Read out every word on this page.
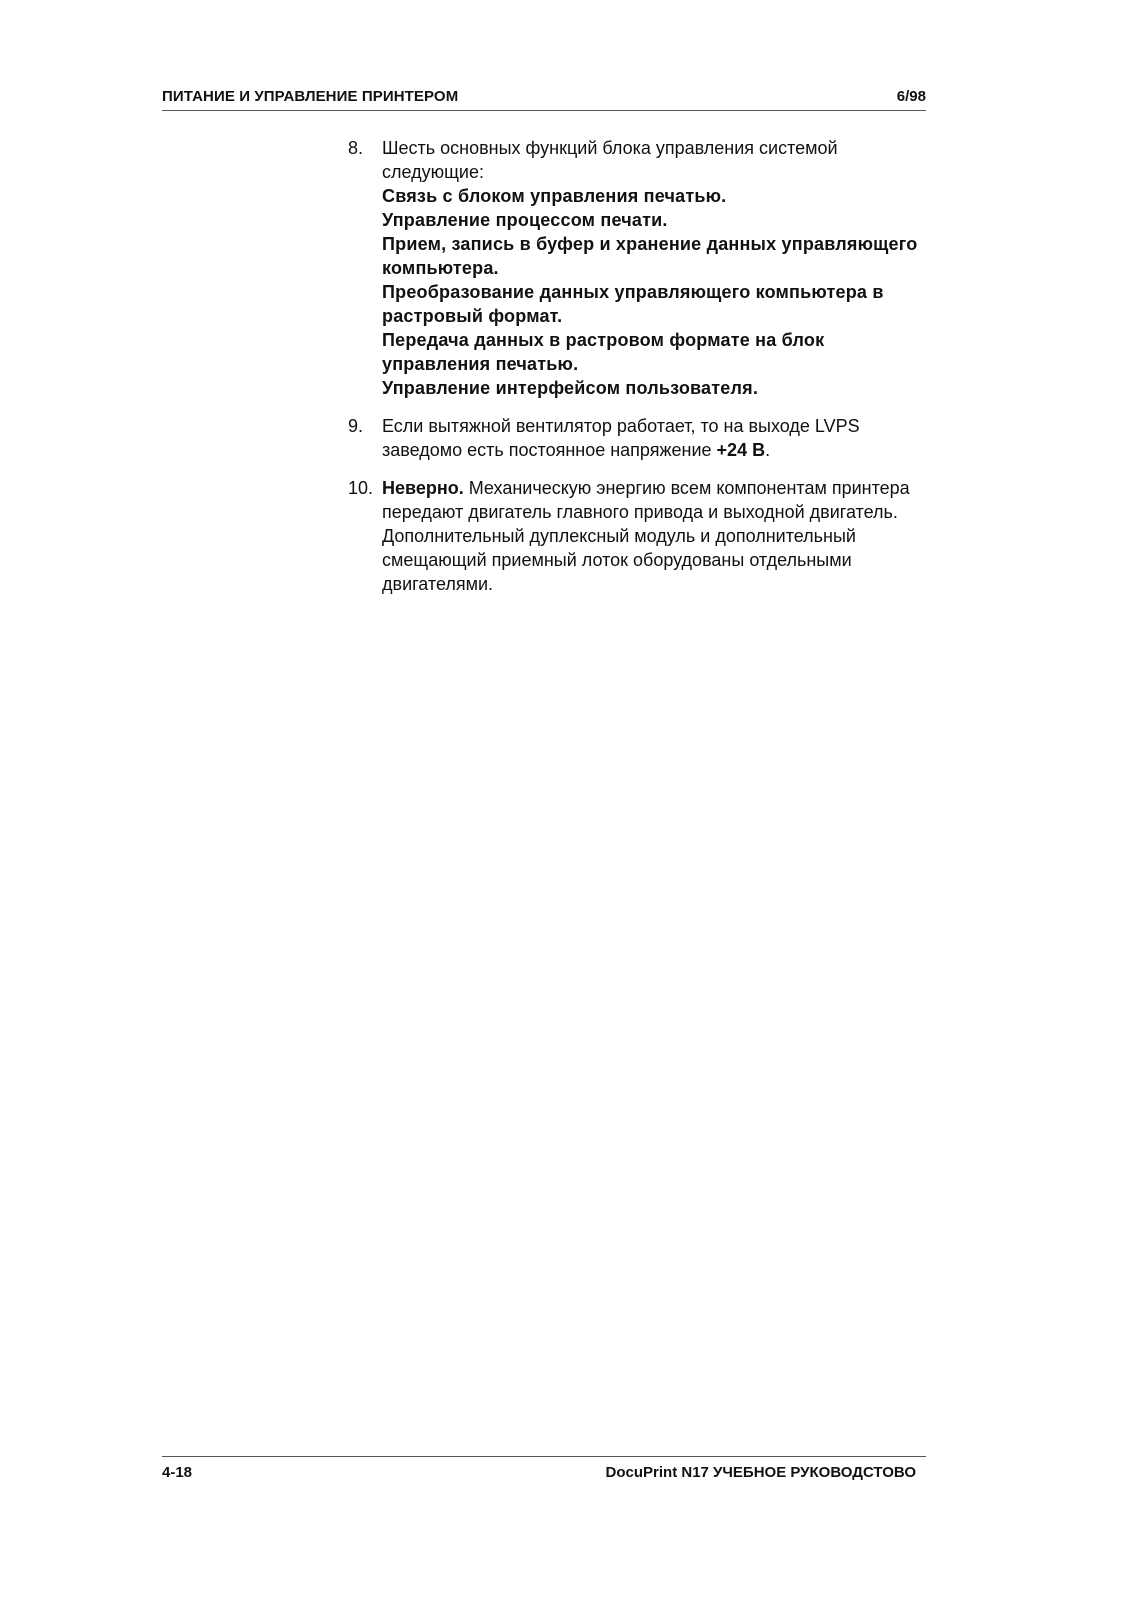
ПИТАНИЕ И УПРАВЛЕНИЕ ПРИНТЕРОМ	6/98
8. Шесть основных функций блока управления системой следующие:
Связь с блоком управления печатью.
Управление процессом печати.
Прием, запись в буфер и хранение данных управляющего компьютера.
Преобразование данных управляющего компьютера в растровый формат.
Передача данных в растровом формате на блок управления печатью.
Управление интерфейсом пользователя.
9. Если вытяжной вентилятор работает, то на выходе LVPS заведомо есть постоянное напряжение +24 В.
10. Неверно. Механическую энергию всем компонентам принтера передают двигатель главного привода и выходной двигатель. Дополнительный дуплексный модуль и дополнительный смещающий приемный лоток оборудованы отдельными двигателями.
4-18	DocuPrint N17 УЧЕБНОЕ РУКОВОДСТОВО
